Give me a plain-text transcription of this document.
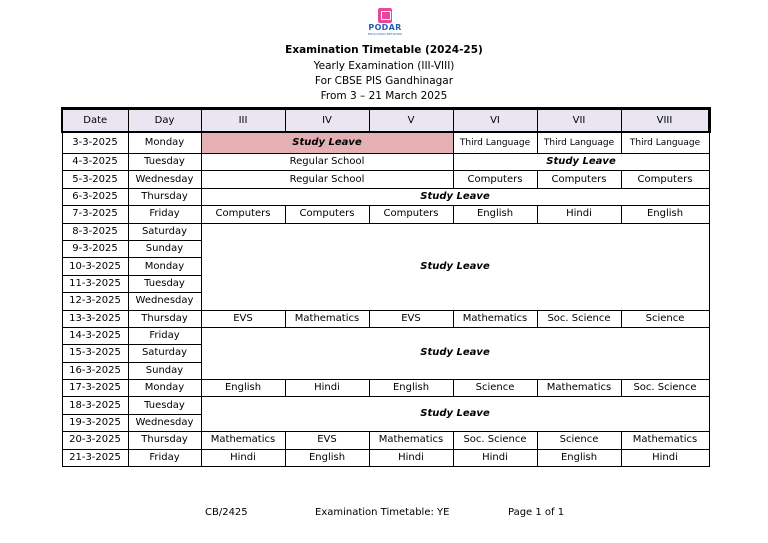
PODAR
EDUCATION NETWORK
Examination Timetable (2024-25)
Yearly Examination (III-VIII)
For CBSE PIS Gandhinagar
From 3 – 21 March 2025
Date	Day	III	IV	V	VI	VII	VIII
3-3-2025	Monday	Study Leave			Third Language	Third Language	Third Language
4-3-2025	Tuesday	Regular School			Study Leave		
5-3-2025	Wednesday	Regular School			Computers	Computers	Computers
6-3-2025	Thursday	Study Leave					
7-3-2025	Friday	Computers	Computers	Computers	English	Hindi	English
8-3-2025	Saturday	Study Leave					
9-3-2025	Sunday						
10-3-2025	Monday						
11-3-2025	Tuesday						
12-3-2025	Wednesday						
13-3-2025	Thursday	EVS	Mathematics	EVS	Mathematics	Soc. Science	Science
14-3-2025	Friday	Study Leave					
15-3-2025	Saturday						
16-3-2025	Sunday						
17-3-2025	Monday	English	Hindi	English	Science	Mathematics	Soc. Science
18-3-2025	Tuesday	Study Leave					
19-3-2025	Wednesday						
20-3-2025	Thursday	Mathematics	EVS	Mathematics	Soc. Science	Science	Mathematics
21-3-2025	Friday	Hindi	English	Hindi	Hindi	English	Hindi
CB/2425	Examination Timetable: YE	Page 1 of 1
